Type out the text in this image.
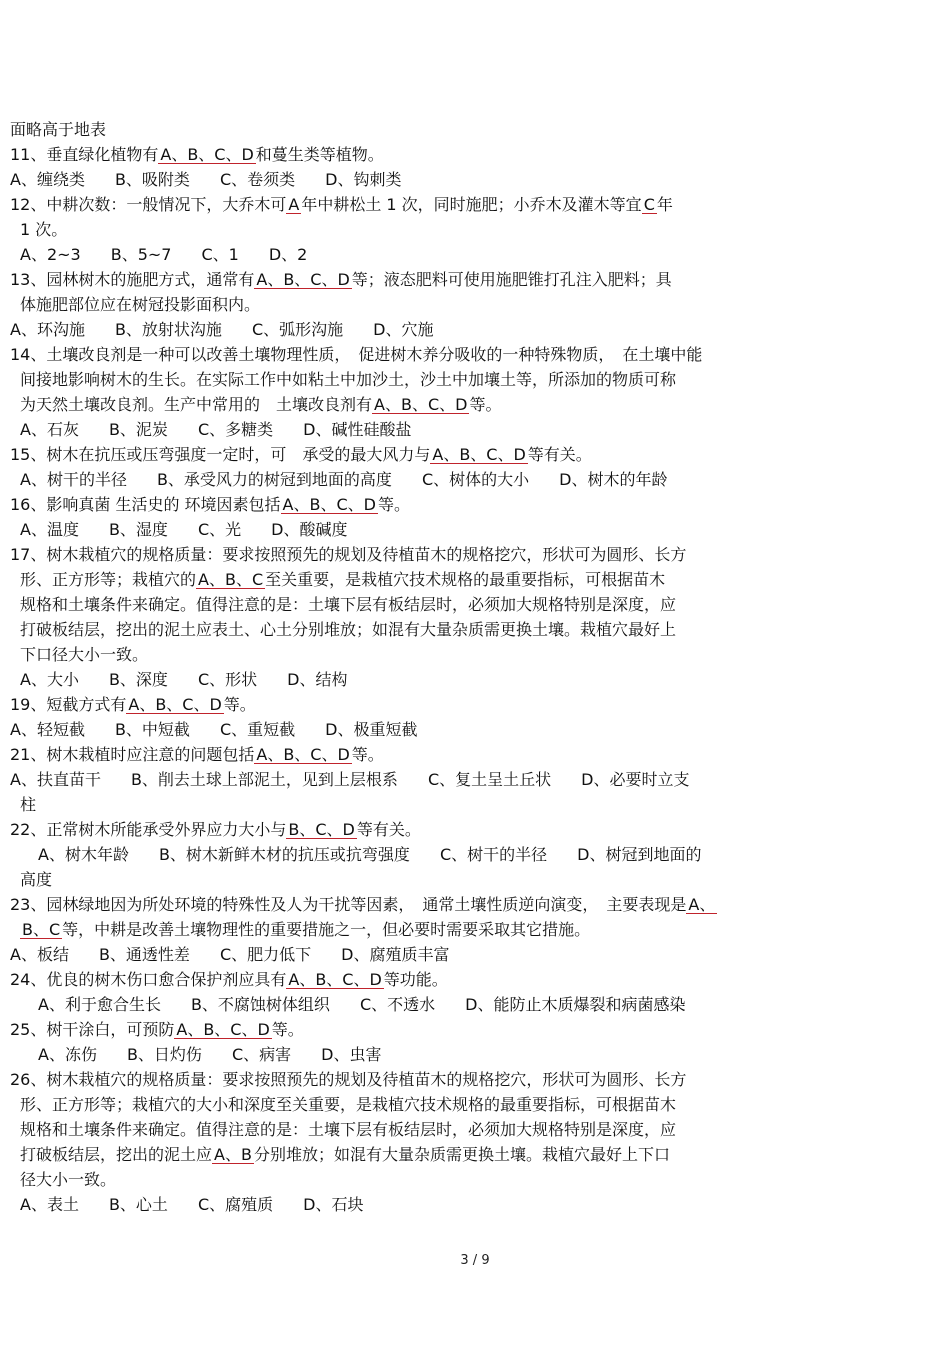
面略高于地表
11、垂直绿化植物有 A、B、C、D 和蔓生类等植物。
A、缠绕类 B、吸附类 C、卷须类 D、钩刺类
12、中耕次数：一般情况下，大乔木可 A 年中耕松土 1 次，同时施肥；小乔木及灌木等宜 C 年
1 次。
A、2~3 B、5~7 C、1 D、2
13、园林树木的施肥方式，通常有 A、B、C、D 等；液态肥料可使用施肥锥打孔注入肥料；具
体施肥部位应在树冠投影面积内。
A、环沟施 B、放射状沟施 C、弧形沟施 D、穴施
14、土壤改良剂是一种可以改善土壤物理性质，　促进树木养分吸收的一种特殊物质，　在土壤中能
间接地影响树木的生长。在实际工作中如粘土中加沙土，沙土中加壤土等，所添加的物质可称
为天然土壤改良剂。生产中常用的　土壤改良剂有 A、B、C、D 等。
A、石灰 B、泥炭 C、多糖类 D、碱性硅酸盐
15、树木在抗压或压弯强度一定时，可　承受的最大风力与 A、B、C、D 等有关。
A、树干的半径 B、承受风力的树冠到地面的高度 C、树体的大小 D、树木的年龄
16、影响真菌 生活史的 环境因素包括 A、B、C、D 等。
A、温度 B、湿度 C、光 D、酸碱度
17、树木栽植穴的规格质量：要求按照预先的规划及待植苗木的规格挖穴，形状可为圆形、长方
形、正方形等；栽植穴的 A、B、C 至关重要，是栽植穴技术规格的最重要指标，可根据苗木
规格和土壤条件来确定。值得注意的是：土壤下层有板结层时，必须加大规格特别是深度，应
打破板结层，挖出的泥土应表土、心土分别堆放；如混有大量杂质需更换土壤。栽植穴最好上
下口径大小一致。
A、大小 B、深度 C、形状 D、结构
19、短截方式有 A、B、C、D 等。
A、轻短截 B、中短截 C、重短截 D、极重短截
21、树木栽植时应注意的问题包括 A、B、C、D 等。
A、扶直苗干 B、削去土球上部泥土，见到上层根系 C、复土呈土丘状 D、必要时立支
柱
22、正常树木所能承受外界应力大小与 B、C、D 等有关。
A、树木年龄 B、树木新鲜木材的抗压或抗弯强度 C、树干的半径 D、树冠到地面的
高度
23、园林绿地因为所处环境的特殊性及人为干扰等因素，　通常土壤性质逆向演变，　主要表现是 A、
B、C 等，中耕是改善土壤物理性的重要措施之一，但必要时需要采取其它措施。
A、板结 B、通透性差 C、肥力低下 D、腐殖质丰富
24、优良的树木伤口愈合保护剂应具有 A、B、C、D 等功能。
A、利于愈合生长 B、不腐蚀树体组织 C、不透水 D、能防止木质爆裂和病菌感染
25、树干涂白，可预防 A、B、C、D 等。
A、冻伤 B、日灼伤 C、病害 D、虫害
26、树木栽植穴的规格质量：要求按照预先的规划及待植苗木的规格挖穴，形状可为圆形、长方
形、正方形等；栽植穴的大小和深度至关重要，是栽植穴技术规格的最重要指标，可根据苗木
规格和土壤条件来确定。值得注意的是：土壤下层有板结层时，必须加大规格特别是深度，应
打破板结层，挖出的泥土应 A、B 分别堆放；如混有大量杂质需更换土壤。栽植穴最好上下口
径大小一致。
A、表土 B、心土 C、腐殖质 D、石块
3 / 9
